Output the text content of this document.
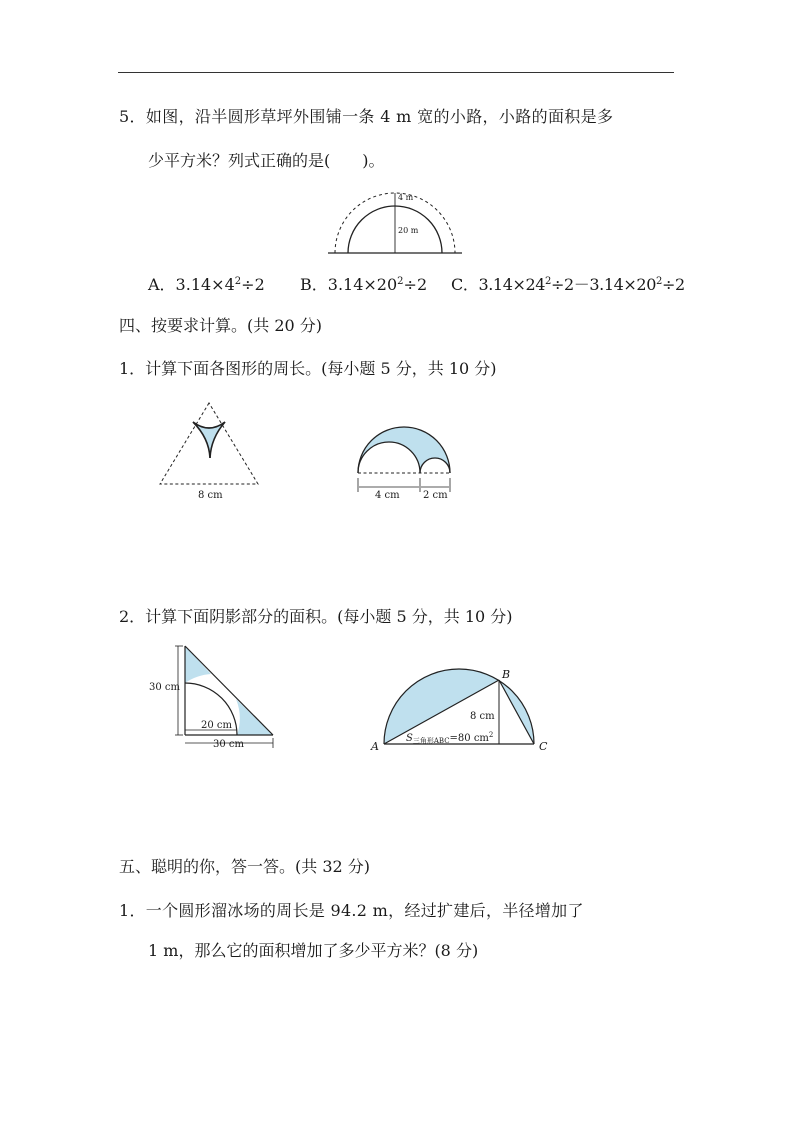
5．如图，沿半圆形草坪外围铺一条 4 m 宽的小路，小路的面积是多
少平方米？列式正确的是(　　)。
4 m
20 m
A．$3.14\times 4^2\div 2$ B．$3.14\times 20^2\div 2$ C．$3.14\times 24^2\div 2-3.14\times 20^2\div 2$
四、按要求计算。(共 20 分)
1．计算下面各图形的周长。(每小题 5 分，共 10 分)
8 cm	4 cm 2 cm
2．计算下面阴影部分的面积。(每小题 5 分，共 10 分)
30 cm
20 cm
30 cm	A
B
C
8 cm
$S_{三角形ABC}=80$ $cm^2$
五、聪明的你，答一答。(共 32 分)
1．一个圆形溜冰场的周长是 94.2 m，经过扩建后，半径增加了
1 m，那么它的面积增加了多少平方米？(8 分)
